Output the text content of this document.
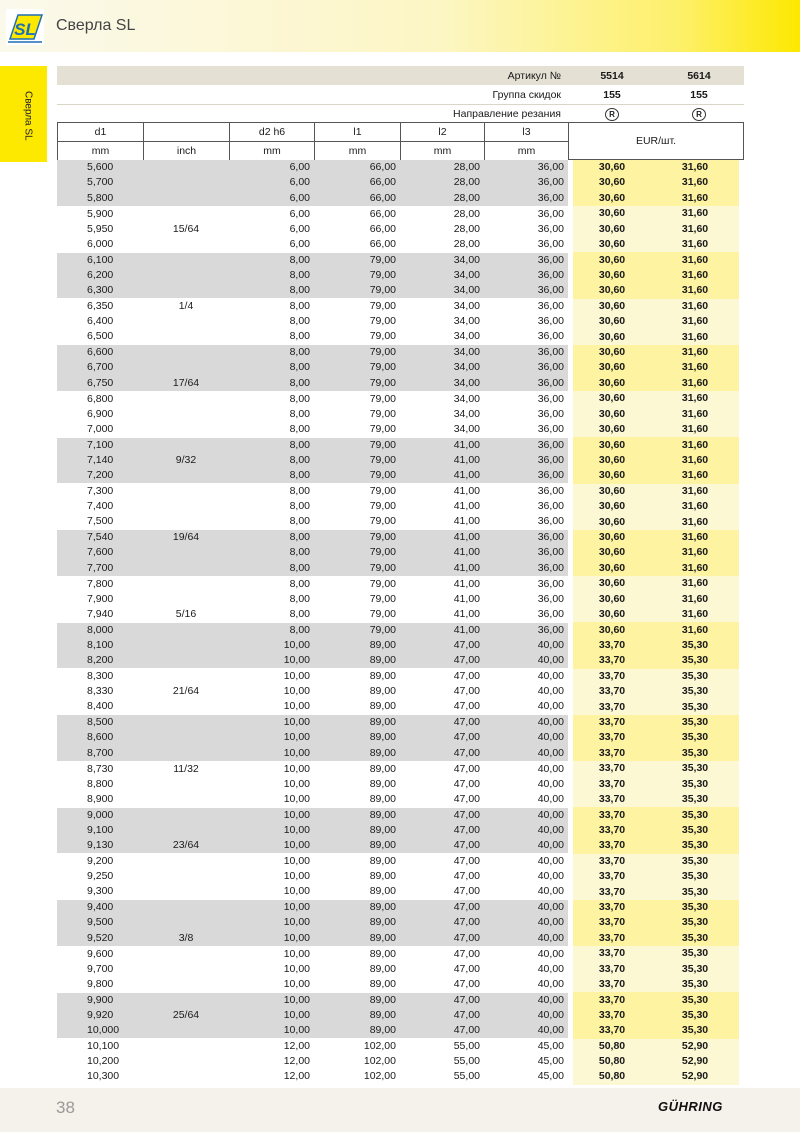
SL Сверла SL
Сверла SL
Артикул №	5514	5614
Группа скидок	155	155
Направление резания	R	R
d1		d2 h6	l1	l2	l3
mm	inch	mm	mm	mm	mm
EUR/шт.
5,600		6,00	66,00	28,00	36,00		30,60	31,60
5,700		6,00	66,00	28,00	36,00		30,60	31,60
5,800		6,00	66,00	28,00	36,00		30,60	31,60
5,900		6,00	66,00	28,00	36,00		30,60	31,60
5,950	15/64	6,00	66,00	28,00	36,00		30,60	31,60
6,000		6,00	66,00	28,00	36,00		30,60	31,60
6,100		8,00	79,00	34,00	36,00		30,60	31,60
6,200		8,00	79,00	34,00	36,00		30,60	31,60
6,300		8,00	79,00	34,00	36,00		30,60	31,60
6,350	1/4	8,00	79,00	34,00	36,00		30,60	31,60
6,400		8,00	79,00	34,00	36,00		30,60	31,60
6,500		8,00	79,00	34,00	36,00		30,60	31,60
6,600		8,00	79,00	34,00	36,00		30,60	31,60
6,700		8,00	79,00	34,00	36,00		30,60	31,60
6,750	17/64	8,00	79,00	34,00	36,00		30,60	31,60
6,800		8,00	79,00	34,00	36,00		30,60	31,60
6,900		8,00	79,00	34,00	36,00		30,60	31,60
7,000		8,00	79,00	34,00	36,00		30,60	31,60
7,100		8,00	79,00	41,00	36,00		30,60	31,60
7,140	9/32	8,00	79,00	41,00	36,00		30,60	31,60
7,200		8,00	79,00	41,00	36,00		30,60	31,60
7,300		8,00	79,00	41,00	36,00		30,60	31,60
7,400		8,00	79,00	41,00	36,00		30,60	31,60
7,500		8,00	79,00	41,00	36,00		30,60	31,60
7,540	19/64	8,00	79,00	41,00	36,00		30,60	31,60
7,600		8,00	79,00	41,00	36,00		30,60	31,60
7,700		8,00	79,00	41,00	36,00		30,60	31,60
7,800		8,00	79,00	41,00	36,00		30,60	31,60
7,900		8,00	79,00	41,00	36,00		30,60	31,60
7,940	5/16	8,00	79,00	41,00	36,00		30,60	31,60
8,000		8,00	79,00	41,00	36,00		30,60	31,60
8,100		10,00	89,00	47,00	40,00		33,70	35,30
8,200		10,00	89,00	47,00	40,00		33,70	35,30
8,300		10,00	89,00	47,00	40,00		33,70	35,30
8,330	21/64	10,00	89,00	47,00	40,00		33,70	35,30
8,400		10,00	89,00	47,00	40,00		33,70	35,30
8,500		10,00	89,00	47,00	40,00		33,70	35,30
8,600		10,00	89,00	47,00	40,00		33,70	35,30
8,700		10,00	89,00	47,00	40,00		33,70	35,30
8,730	11/32	10,00	89,00	47,00	40,00		33,70	35,30
8,800		10,00	89,00	47,00	40,00		33,70	35,30
8,900		10,00	89,00	47,00	40,00		33,70	35,30
9,000		10,00	89,00	47,00	40,00		33,70	35,30
9,100		10,00	89,00	47,00	40,00		33,70	35,30
9,130	23/64	10,00	89,00	47,00	40,00		33,70	35,30
9,200		10,00	89,00	47,00	40,00		33,70	35,30
9,250		10,00	89,00	47,00	40,00		33,70	35,30
9,300		10,00	89,00	47,00	40,00		33,70	35,30
9,400		10,00	89,00	47,00	40,00		33,70	35,30
9,500		10,00	89,00	47,00	40,00		33,70	35,30
9,520	3/8	10,00	89,00	47,00	40,00		33,70	35,30
9,600		10,00	89,00	47,00	40,00		33,70	35,30
9,700		10,00	89,00	47,00	40,00		33,70	35,30
9,800		10,00	89,00	47,00	40,00		33,70	35,30
9,900		10,00	89,00	47,00	40,00		33,70	35,30
9,920	25/64	10,00	89,00	47,00	40,00		33,70	35,30
10,000		10,00	89,00	47,00	40,00		33,70	35,30
10,100		12,00	102,00	55,00	45,00		50,80	52,90
10,200		12,00	102,00	55,00	45,00		50,80	52,90
10,300		12,00	102,00	55,00	45,00		50,80	52,90
38	GÜHRING
